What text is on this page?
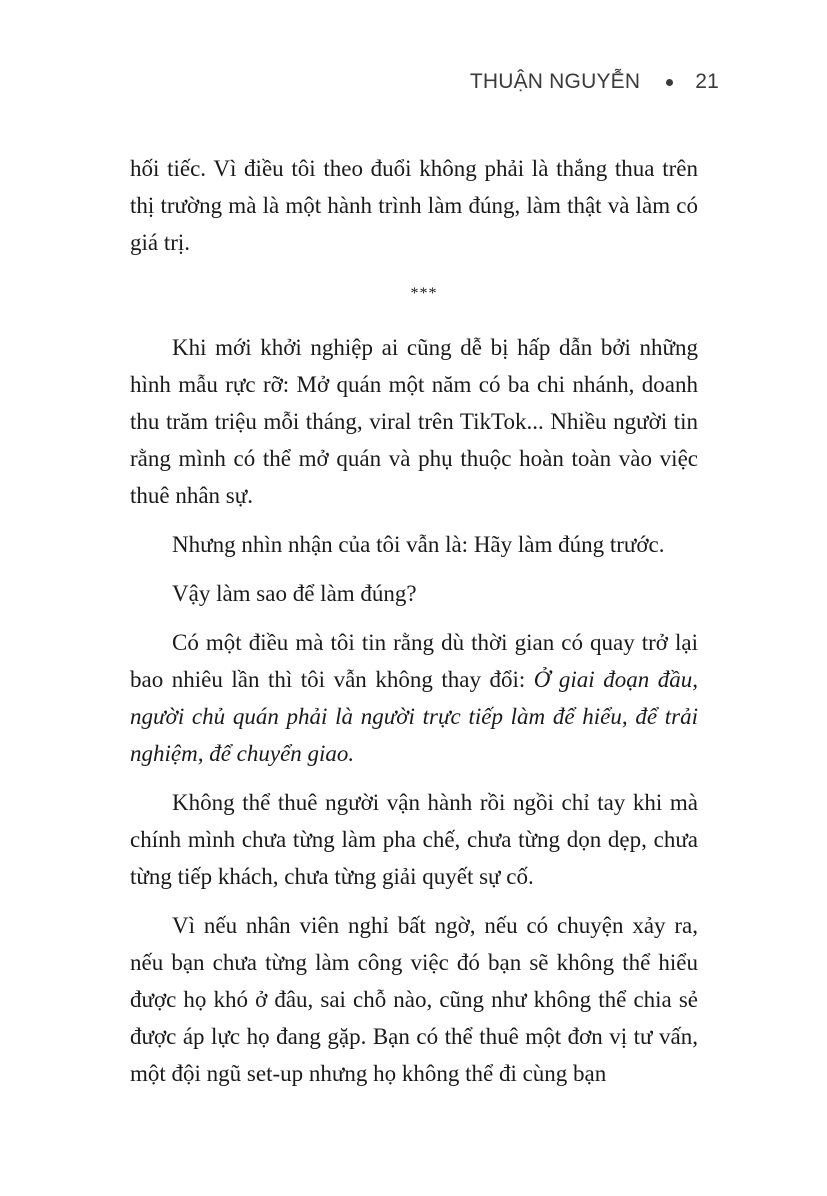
THUẬN NGUYỄN	21

hối tiếc. Vì điều tôi theo đuổi không phải là thắng thua trên thị trường mà là một hành trình làm đúng, làm thật và làm có giá trị.

***

Khi mới khởi nghiệp ai cũng dễ bị hấp dẫn bởi những hình mẫu rực rỡ: Mở quán một năm có ba chi nhánh, doanh thu trăm triệu mỗi tháng, viral trên TikTok... Nhiều người tin rằng mình có thể mở quán và phụ thuộc hoàn toàn vào việc thuê nhân sự.

Nhưng nhìn nhận của tôi vẫn là: Hãy làm đúng trước.

Vậy làm sao để làm đúng?

Có một điều mà tôi tin rằng dù thời gian có quay trở lại bao nhiêu lần thì tôi vẫn không thay đổi: Ở giai đoạn đầu, người chủ quán phải là người trực tiếp làm để hiểu, để trải nghiệm, để chuyển giao.

Không thể thuê người vận hành rồi ngồi chỉ tay khi mà chính mình chưa từng làm pha chế, chưa từng dọn dẹp, chưa từng tiếp khách, chưa từng giải quyết sự cố.

Vì nếu nhân viên nghỉ bất ngờ, nếu có chuyện xảy ra, nếu bạn chưa từng làm công việc đó bạn sẽ không thể hiểu được họ khó ở đâu, sai chỗ nào, cũng như không thể chia sẻ được áp lực họ đang gặp. Bạn có thể thuê một đơn vị tư vấn, một đội ngũ set-up nhưng họ không thể đi cùng bạn
